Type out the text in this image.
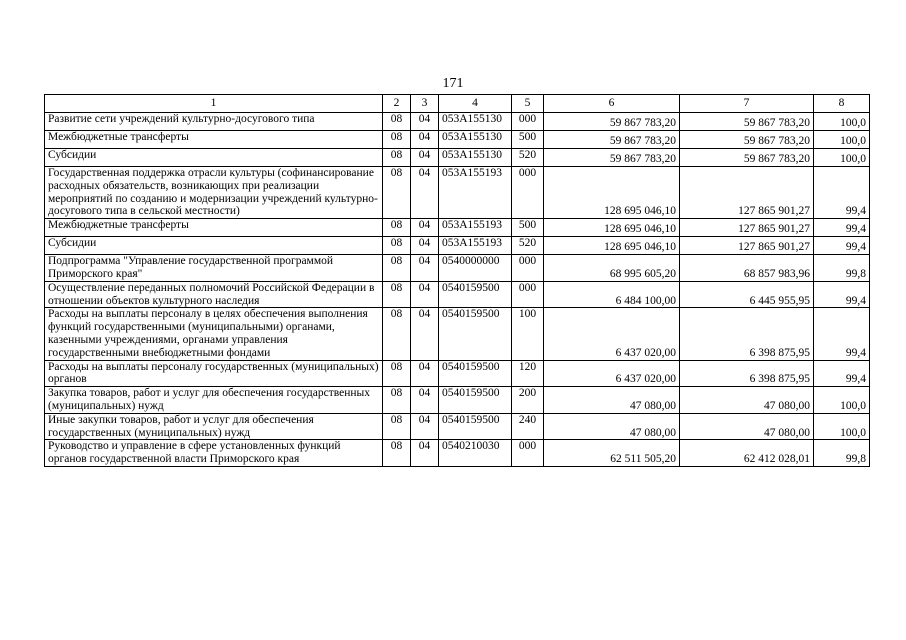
171
1	2	3	4	5	6	7	8
Развитие сети учреждений культурно-досугового типа	08	04	053A155130	000	59 867 783,20	59 867 783,20	100,0
Межбюджетные трансферты	08	04	053A155130	500	59 867 783,20	59 867 783,20	100,0
Субсидии	08	04	053A155130	520	59 867 783,20	59 867 783,20	100,0
Государственная поддержка отрасли культуры (софинансирование расходных обязательств, возникающих при реализации мероприятий по созданию и модернизации учреждений культурно-досугового типа в сельской местности)	08	04	053A155193	000	128 695 046,10	127 865 901,27	99,4
Межбюджетные трансферты	08	04	053A155193	500	128 695 046,10	127 865 901,27	99,4
Субсидии	08	04	053A155193	520	128 695 046,10	127 865 901,27	99,4
Подпрограмма "Управление государственной программой Приморского края"	08	04	0540000000	000	68 995 605,20	68 857 983,96	99,8
Осуществление переданных полномочий Российской Федерации в отношении объектов культурного наследия	08	04	0540159500	000	6 484 100,00	6 445 955,95	99,4
Расходы на выплаты персоналу в целях обеспечения выполнения функций государственными (муниципальными) органами, казенными учреждениями, органами управления государственными внебюджетными фондами	08	04	0540159500	100	6 437 020,00	6 398 875,95	99,4
Расходы на выплаты персоналу государственных (муниципальных) органов	08	04	0540159500	120	6 437 020,00	6 398 875,95	99,4
Закупка товаров, работ и услуг для обеспечения государственных (муниципальных) нужд	08	04	0540159500	200	47 080,00	47 080,00	100,0
Иные закупки товаров, работ и услуг для обеспечения государственных (муниципальных) нужд	08	04	0540159500	240	47 080,00	47 080,00	100,0
Руководство и управление в сфере установленных функций органов государственной власти Приморского края	08	04	0540210030	000	62 511 505,20	62 412 028,01	99,8
